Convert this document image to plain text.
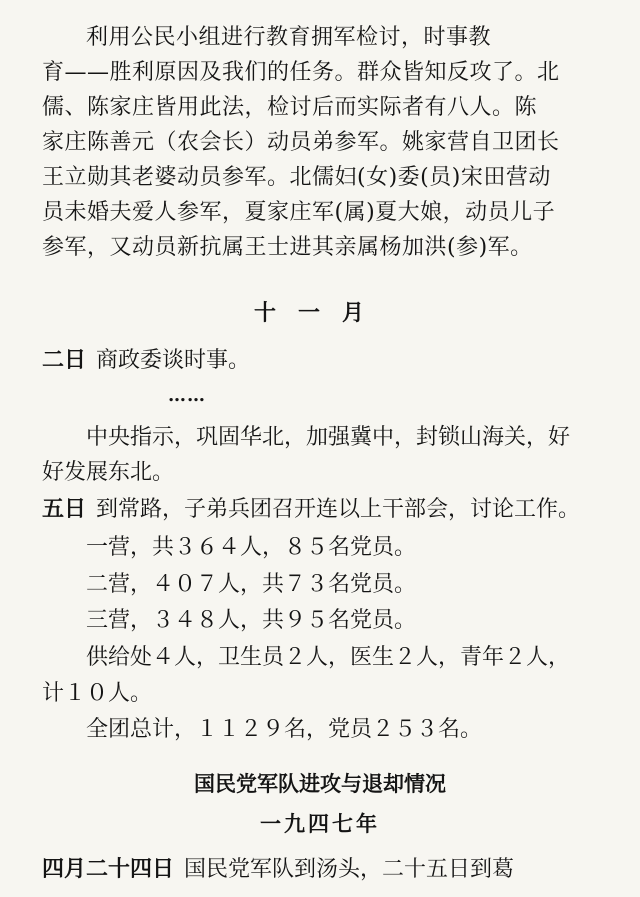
利用公民小组进行教育拥军检讨，时事教
育——胜利原因及我们的任务。群众皆知反攻了。北
儒、陈家庄皆用此法，检讨后而实际者有八人。陈
家庄陈善元（农会长）动员弟参军。姚家营自卫团长
王立勋其老婆动员参军。北儒妇(女)委(员)宋田营动
员未婚夫爱人参军，夏家庄军(属)夏大娘，动员儿子
参军，又动员新抗属王士进其亲属杨加洪(参)军。
十一月

二日 商政委谈时事。

……

中央指示，巩固华北，加强冀中，封锁山海关，好

好发展东北。

五日 到常路，子弟兵团召开连以上干部会，讨论工作。

一营，共３６４人，８５名党员。

二营，４０７人，共７３名党员。

三营，３４８人，共９５名党员。

供给处４人，卫生员２人，医生２人，青年２人，

计１０人。

全团总计，１１２９名，党员２５３名。

国民党军队进攻与退却情况
一九四七年

四月二十四日 国民党军队到汤头，二十五日到葛
